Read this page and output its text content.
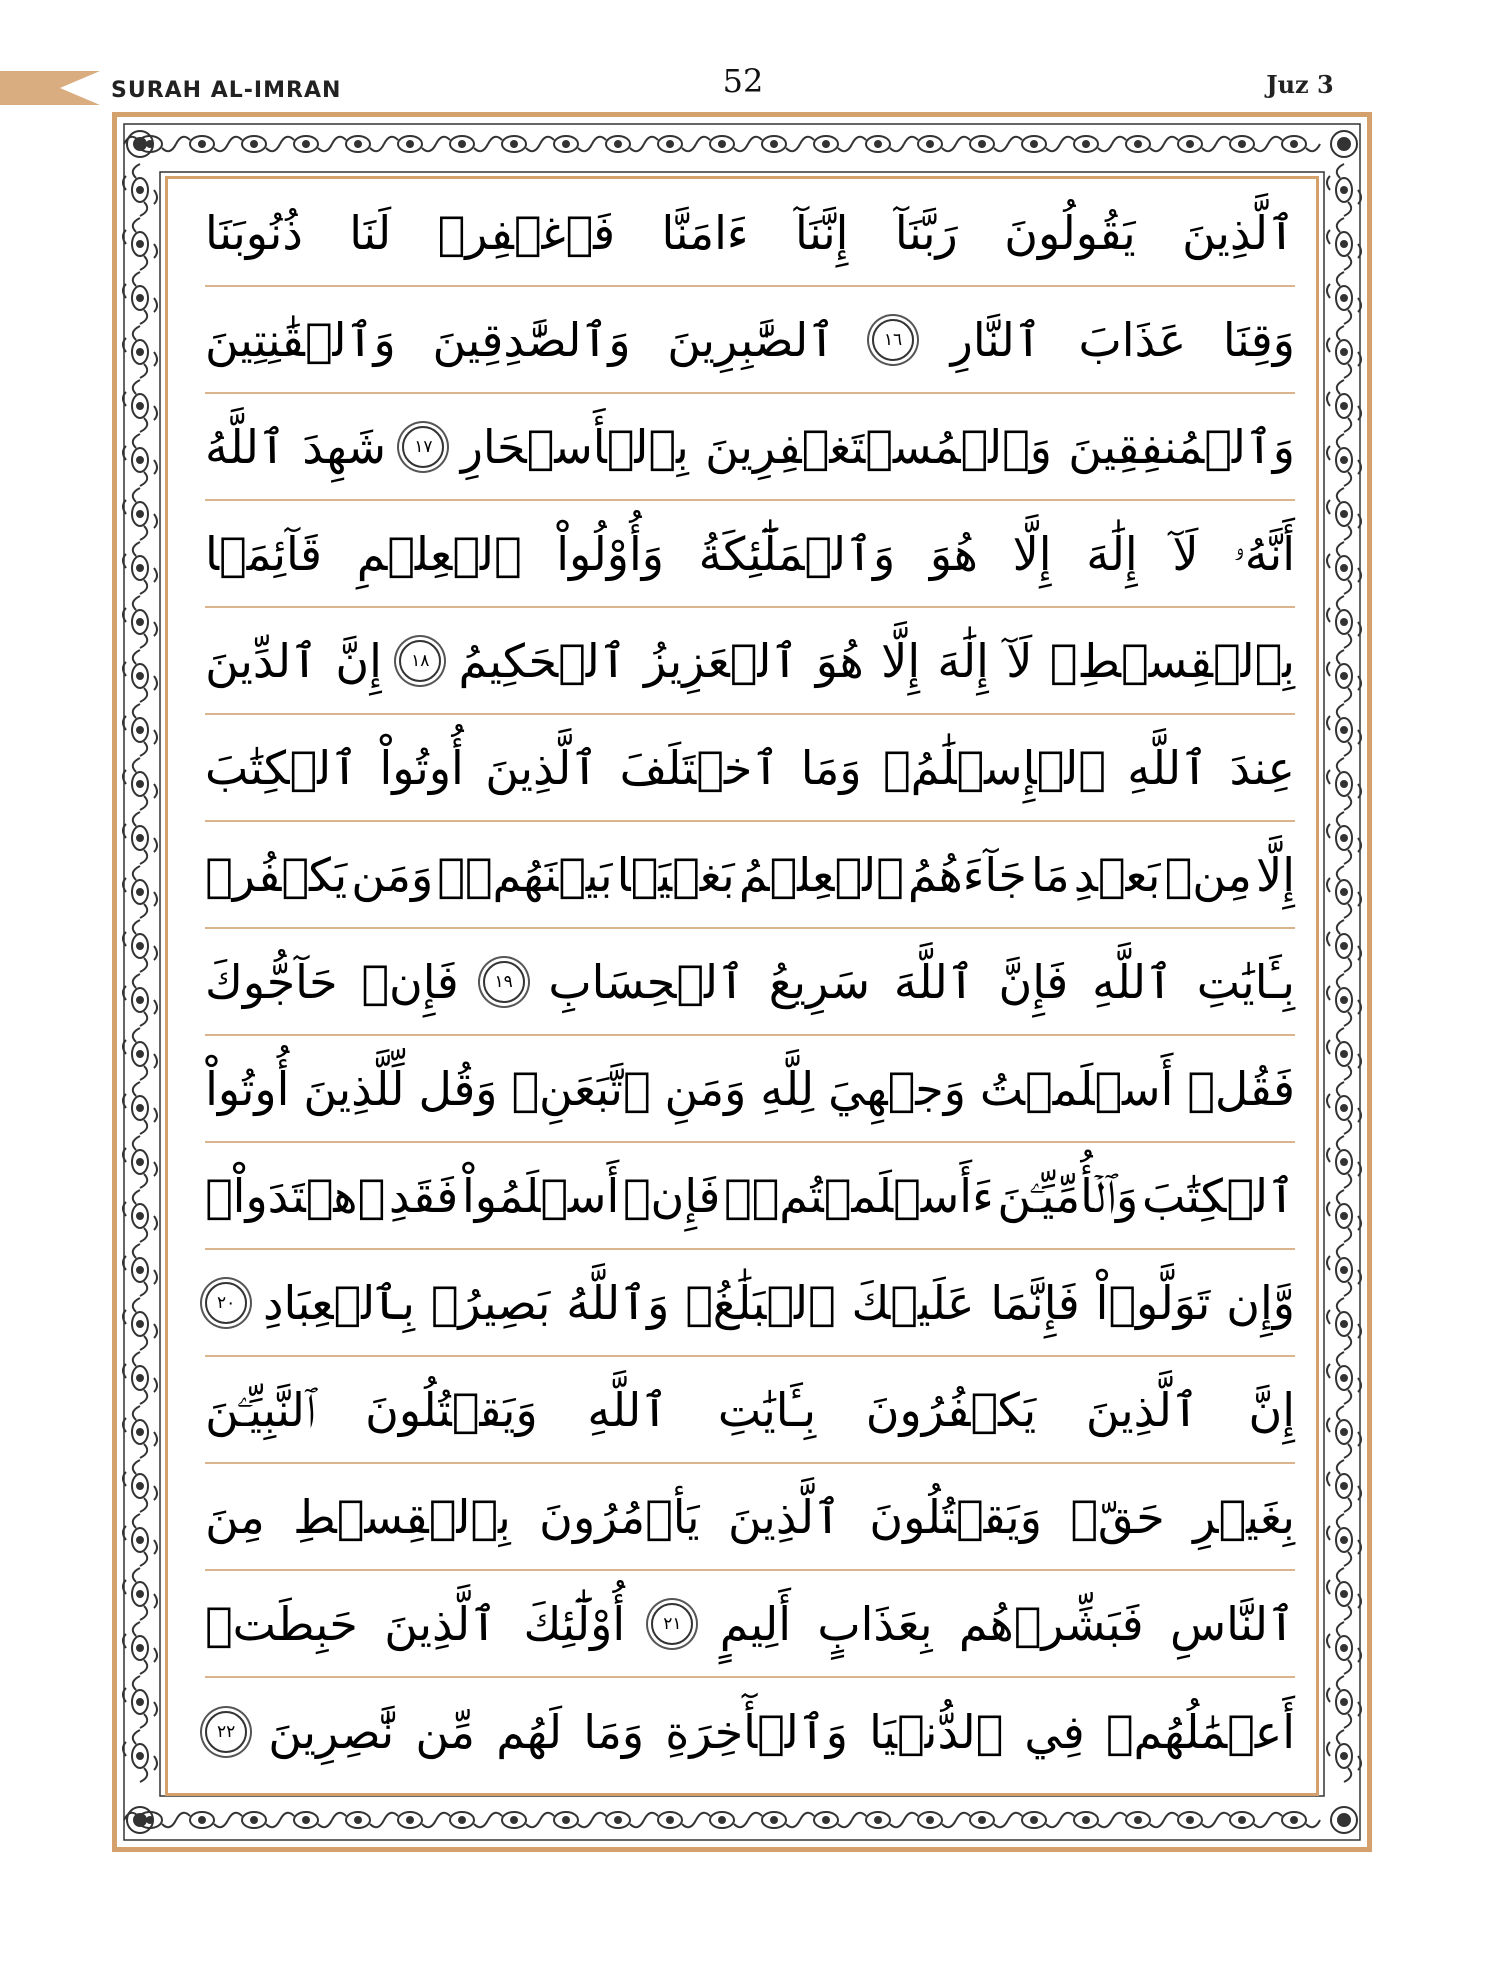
SURAH AL-IMRAN	52	Juz 3
ٱلَّذِينَ
يَقُولُونَ
رَبَّنَآ
إِنَّنَآ
ءَامَنَّا
فَٱغۡفِرۡ
لَنَا
ذُنُوبَنَا
وَقِنَا
عَذَابَ
ٱلنَّارِ
١٦
ٱلصَّٰبِرِينَ
وَٱلصَّٰدِقِينَ
وَٱلۡقَٰنِتِينَ
وَٱلۡمُنفِقِينَ
وَٱلۡمُسۡتَغۡفِرِينَ
بِٱلۡأَسۡحَارِ
١٧
شَهِدَ
ٱللَّهُ
أَنَّهُۥ
لَآ
إِلَٰهَ
إِلَّا
هُوَ
وَٱلۡمَلَٰٓئِكَةُ
وَأُوْلُواْ
ٱلۡعِلۡمِ
قَآئِمَۢا
بِٱلۡقِسۡطِۚ
لَآ
إِلَٰهَ
إِلَّا
هُوَ
ٱلۡعَزِيزُ
ٱلۡحَكِيمُ
١٨
إِنَّ
ٱلدِّينَ
عِندَ
ٱللَّهِ
ٱلۡإِسۡلَٰمُۗ
وَمَا
ٱخۡتَلَفَ
ٱلَّذِينَ
أُوتُواْ
ٱلۡكِتَٰبَ
إِلَّا
مِنۢ
بَعۡدِ
مَا
جَآءَهُمُ
ٱلۡعِلۡمُ
بَغۡيَۢا
بَيۡنَهُمۡۗ
وَمَن
يَكۡفُرۡ
بِـَٔايَٰتِ
ٱللَّهِ
فَإِنَّ
ٱللَّهَ
سَرِيعُ
ٱلۡحِسَابِ
١٩
فَإِنۡ
حَآجُّوكَ
فَقُلۡ
أَسۡلَمۡتُ
وَجۡهِيَ
لِلَّهِ
وَمَنِ
ٱتَّبَعَنِۗ
وَقُل
لِّلَّذِينَ
أُوتُواْ
ٱلۡكِتَٰبَ
وَٱلۡأُمِّيِّـۧنَ
ءَأَسۡلَمۡتُمۡۚ
فَإِنۡ
أَسۡلَمُواْ
فَقَدِ
ٱهۡتَدَواْۖ
وَّإِن
تَوَلَّوۡاْ
فَإِنَّمَا
عَلَيۡكَ
ٱلۡبَلَٰغُۗ
وَٱللَّهُ
بَصِيرُۢ
بِٱلۡعِبَادِ
٢٠
إِنَّ
ٱلَّذِينَ
يَكۡفُرُونَ
بِـَٔايَٰتِ
ٱللَّهِ
وَيَقۡتُلُونَ
ٱلنَّبِيِّـۧنَ
بِغَيۡرِ
حَقّٖ
وَيَقۡتُلُونَ
ٱلَّذِينَ
يَأۡمُرُونَ
بِٱلۡقِسۡطِ
مِنَ
ٱلنَّاسِ
فَبَشِّرۡهُم
بِعَذَابٍ
أَلِيمٍ
٢١
أُوْلَٰٓئِكَ
ٱلَّذِينَ
حَبِطَتۡ
أَعۡمَٰلُهُمۡ
فِي
ٱلدُّنۡيَا
وَٱلۡأٓخِرَةِ
وَمَا
لَهُم
مِّن
نَّٰصِرِينَ
٢٢
